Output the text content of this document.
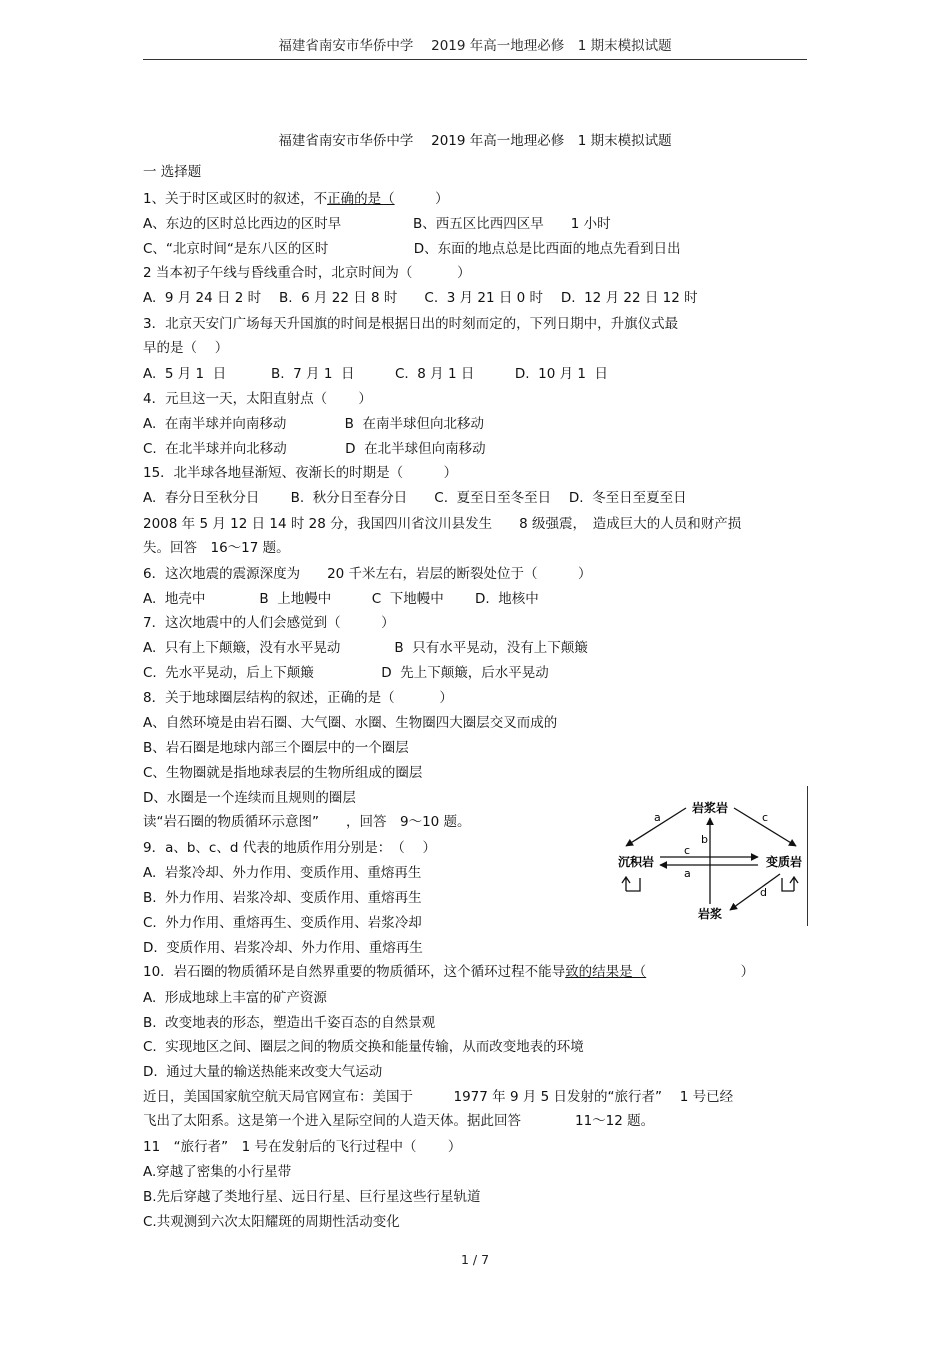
福建省南安市华侨中学　 2019 年高一地理必修　1 期末模拟试题
福建省南安市华侨中学　 2019 年高一地理必修　1 期末模拟试题
一 选择题
1、关于时区或区时的叙述，不正确的是（　　　）
A、东边的区时总比西边的区时早　　　　　 B、西五区比西四区早　　1 小时
C、“北京时间“是东八区的区时　　　　　　 D、东面的地点总是比西面的地点先看到日出
2 当本初子午线与昏线重合时，北京时间为（　　　 ）
A.  9 月 24 日 2 时　 B.  6 月 22 日 8 时　　C.  3 月 21 日 0 时　 D.  12 月 22 日 12 时
3．北京天安门广场每天升国旗的时间是根据日出的时刻而定的，下列日期中，升旗仪式最
早的是（　 ）
A.  5 月 1  日　　　 B.  7 月 1  日　　　C.  8 月 1 日　　　D.  10 月 1  日
4．元旦这一天，太阳直射点（　　 ）
A.  在南半球并向南移动　　　　 B  在南半球但向北移动
C.  在北半球并向北移动　　　　 D  在北半球但向南移动
15．北半球各地昼渐短、夜渐长的时期是（　　　）
A.  春分日至秋分日　　 B.  秋分日至春分日　　C.  夏至日至冬至日　 D.  冬至日至夏至日
2008 年 5 月 12 日 14 时 28 分，我国四川省汶川县发生　　8 级强震，　造成巨大的人员和财产损
失。回答　16～17 题。
6．这次地震的震源深度为　　20 千米左右，岩层的断裂处位于（　　　）
A.  地壳中　　　　B  上地幔中　　　C  下地幔中　　 D.  地核中
7．这次地震中的人们会感觉到（　　　）
A.  只有上下颠簸，没有水平晃动　　　　B  只有水平晃动，没有上下颠簸
C.  先水平晃动，后上下颠簸　　　　　D  先上下颠簸，后水平晃动
8．关于地球圈层结构的叙述，正确的是（　　　 ）
A、自然环境是由岩石圈、大气圈、水圈、生物圈四大圈层交叉而成的
B、岩石圈是地球内部三个圈层中的一个圈层
C、生物圈就是指地球表层的生物所组成的圈层
D、水圈是一个连续而且规则的圈层
读“岩石圈的物质循环示意图”　　，回答　9～10 题。
9．a、b、c、d 代表的地质作用分别是：　（　 ）
A.  岩浆冷却、外力作用、变质作用、重熔再生
B.  外力作用、岩浆冷却、变质作用、重熔再生
C.  外力作用、重熔再生、变质作用、岩浆冷却
D.  变质作用、岩浆冷却、外力作用、重熔再生
岩浆岩
沉积岩	变质岩
岩浆
a	c
b
c
a
d
10．岩石圈的物质循环是自然界重要的物质循环，这个循环过程不能导致的结果是（　　　　　　　）
A.  形成地球上丰富的矿产资源
B.  改变地表的形态，塑造出千姿百态的自然景观
C.  实现地区之间、圈层之间的物质交换和能量传输，从而改变地表的环境
D.  通过大量的输送热能来改变大气运动
近日，美国国家航空航天局官网宣布：美国于　　　1977 年 9 月 5 日发射的“旅行者”　 1 号已经
飞出了太阳系。这是第一个进入星际空间的人造天体。据此回答　　　　11～12 题。
11　“旅行者”　1 号在发射后的飞行过程中（　　 ）
A.穿越了密集的小行星带
B.先后穿越了类地行星、远日行星、巨行星这些行星轨道
C.共观测到六次太阳耀斑的周期性活动变化
1 / 7
